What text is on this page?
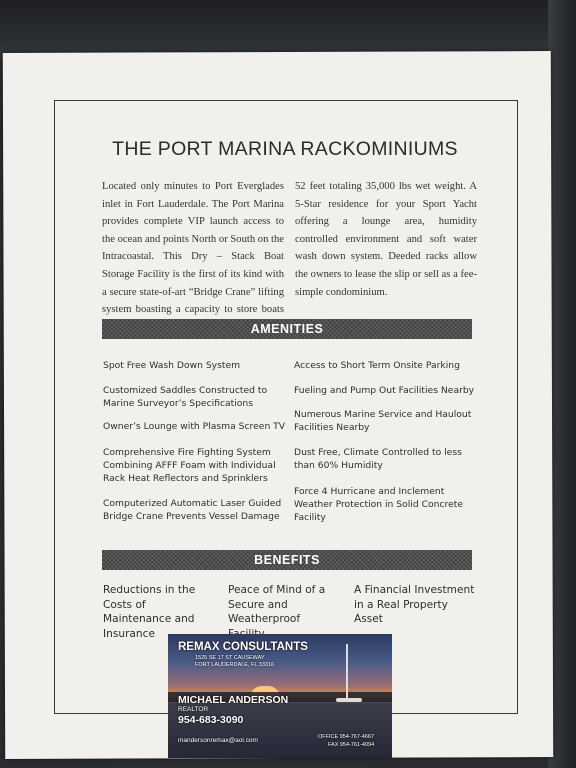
THE PORT MARINA RACKOMINIUMS
Located only minutes to Port Everglades inlet in Fort Lauderdale. The Port Marina provides complete VIP launch access to the ocean and points North or South on the Intracoastal. This Dry – Stack Boat Storage Facility is the first of its kind with a secure state-of-art “Bridge Crane” lifting system boasting a capacity to store boats
52 feet totaling 35,000 lbs wet weight. A 5-Star residence for your Sport Yacht offering a lounge area, humidity controlled environment and soft water wash down system. Deeded racks allow the owners to lease the slip or sell as a fee-simple condominium.
AMENITIES
Spot Free Wash Down System
Customized Saddles Constructed to Marine Surveyor’s Specifications
Owner’s Lounge with Plasma Screen TV
Comprehensive Fire Fighting System Combining AFFF Foam with Individual Rack Heat Reflectors and Sprinklers
Computerized Automatic Laser Guided Bridge Crane Prevents Vessel Damage
Access to Short Term Onsite Parking
Fueling and Pump Out Facilities Nearby
Numerous Marine Service and Haulout Facilities Nearby
Dust Free, Climate Controlled to less than 60% Humidity
Force 4 Hurricane and Inclement Weather Protection in Solid Concrete Facility
BENEFITS
Reductions in the Costs of Maintenance and Insurance
Peace of Mind of a Secure and Weatherproof
A Financial Investment in a Real Property Asset
REMAX CONSULTANTS
1525 SE 17 ST CAUSEWAY
FORT LAUDERDALE, FL 33316
MICHAEL ANDERSON
REALTOR
954-683-3090
mandersonremax@aol.com	OFFICE 954-767-4667
FAX 954-761-4094
